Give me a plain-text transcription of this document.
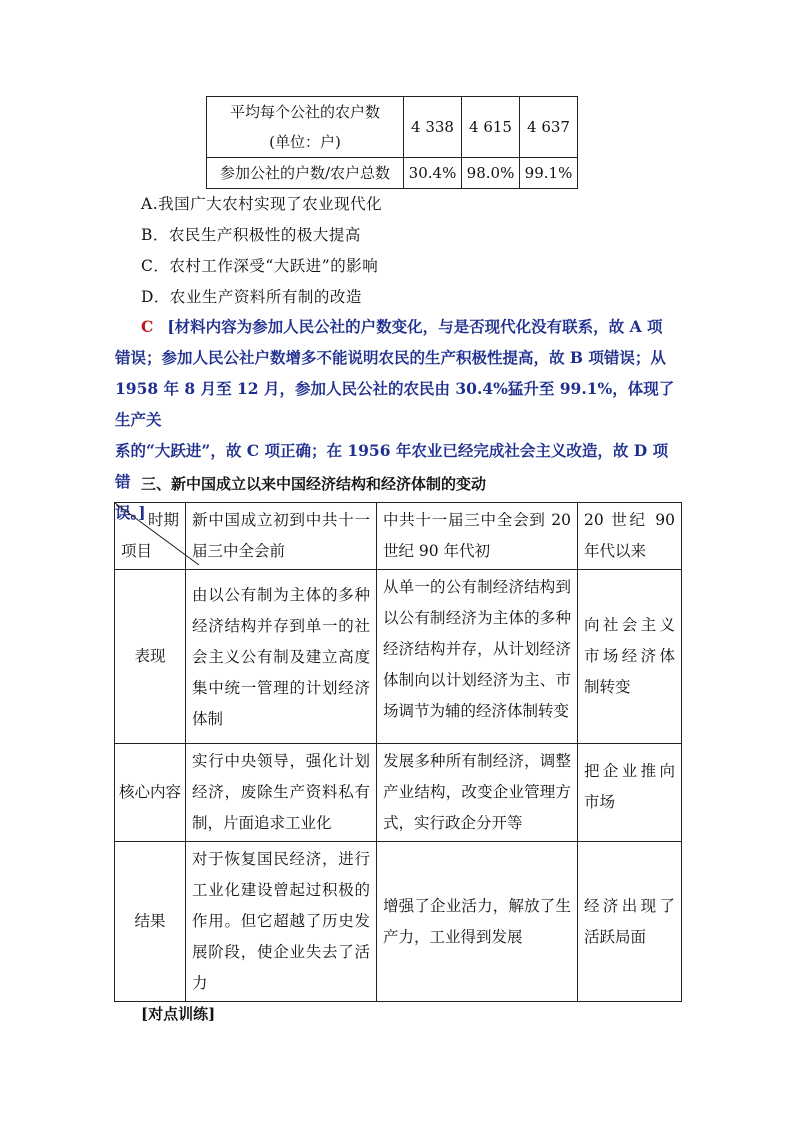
平均每个公社的农户数
(单位：户)	4 338	4 615	4 637
参加公社的户数/农户总数	30.4%	98.0%	99.1%
A.我国广大农村实现了农业现代化
B．农民生产积极性的极大提高
C．农村工作深受“大跃进”的影响
D．农业生产资料所有制的改造
C [材料内容为参加人民公社的户数变化，与是否现代化没有联系，故 A 项
错误；参加人民公社户数增多不能说明农民的生产积极性提高，故 B 项错误；从
1958 年 8 月至 12 月，参加人民公社的农民由 30.4%猛升至 99.1%，体现了生产关
系的“大跃进”，故 C 项正确；在 1956 年农业已经完成社会主义改造，故 D 项错
误。]
三、新中国成立以来中国经济结构和经济体制的变动
时期
项目	新中国成立初到中共十一届三中全会前	中共十一届三中全会到 20 世纪 90 年代初	20 世纪 90 年代以来
表现	由以公有制为主体的多种经济结构并存到单一的社会主义公有制及建立高度集中统一管理的计划经济体制	从单一的公有制经济结构到以公有制经济为主体的多种经济结构并存，从计划经济体制向以计划经济为主、市场调节为辅的经济体制转变	向社会主义市场经济体制转变
核心内容	实行中央领导，强化计划经济，废除生产资料私有制，片面追求工业化	发展多种所有制经济，调整产业结构，改变企业管理方式，实行政企分开等	把企业推向市场
结果	对于恢复国民经济，进行工业化建设曾起过积极的作用。但它超越了历史发展阶段，使企业失去了活力	增强了企业活力，解放了生产力，工业得到发展	经济出现了活跃局面
[对点训练]
